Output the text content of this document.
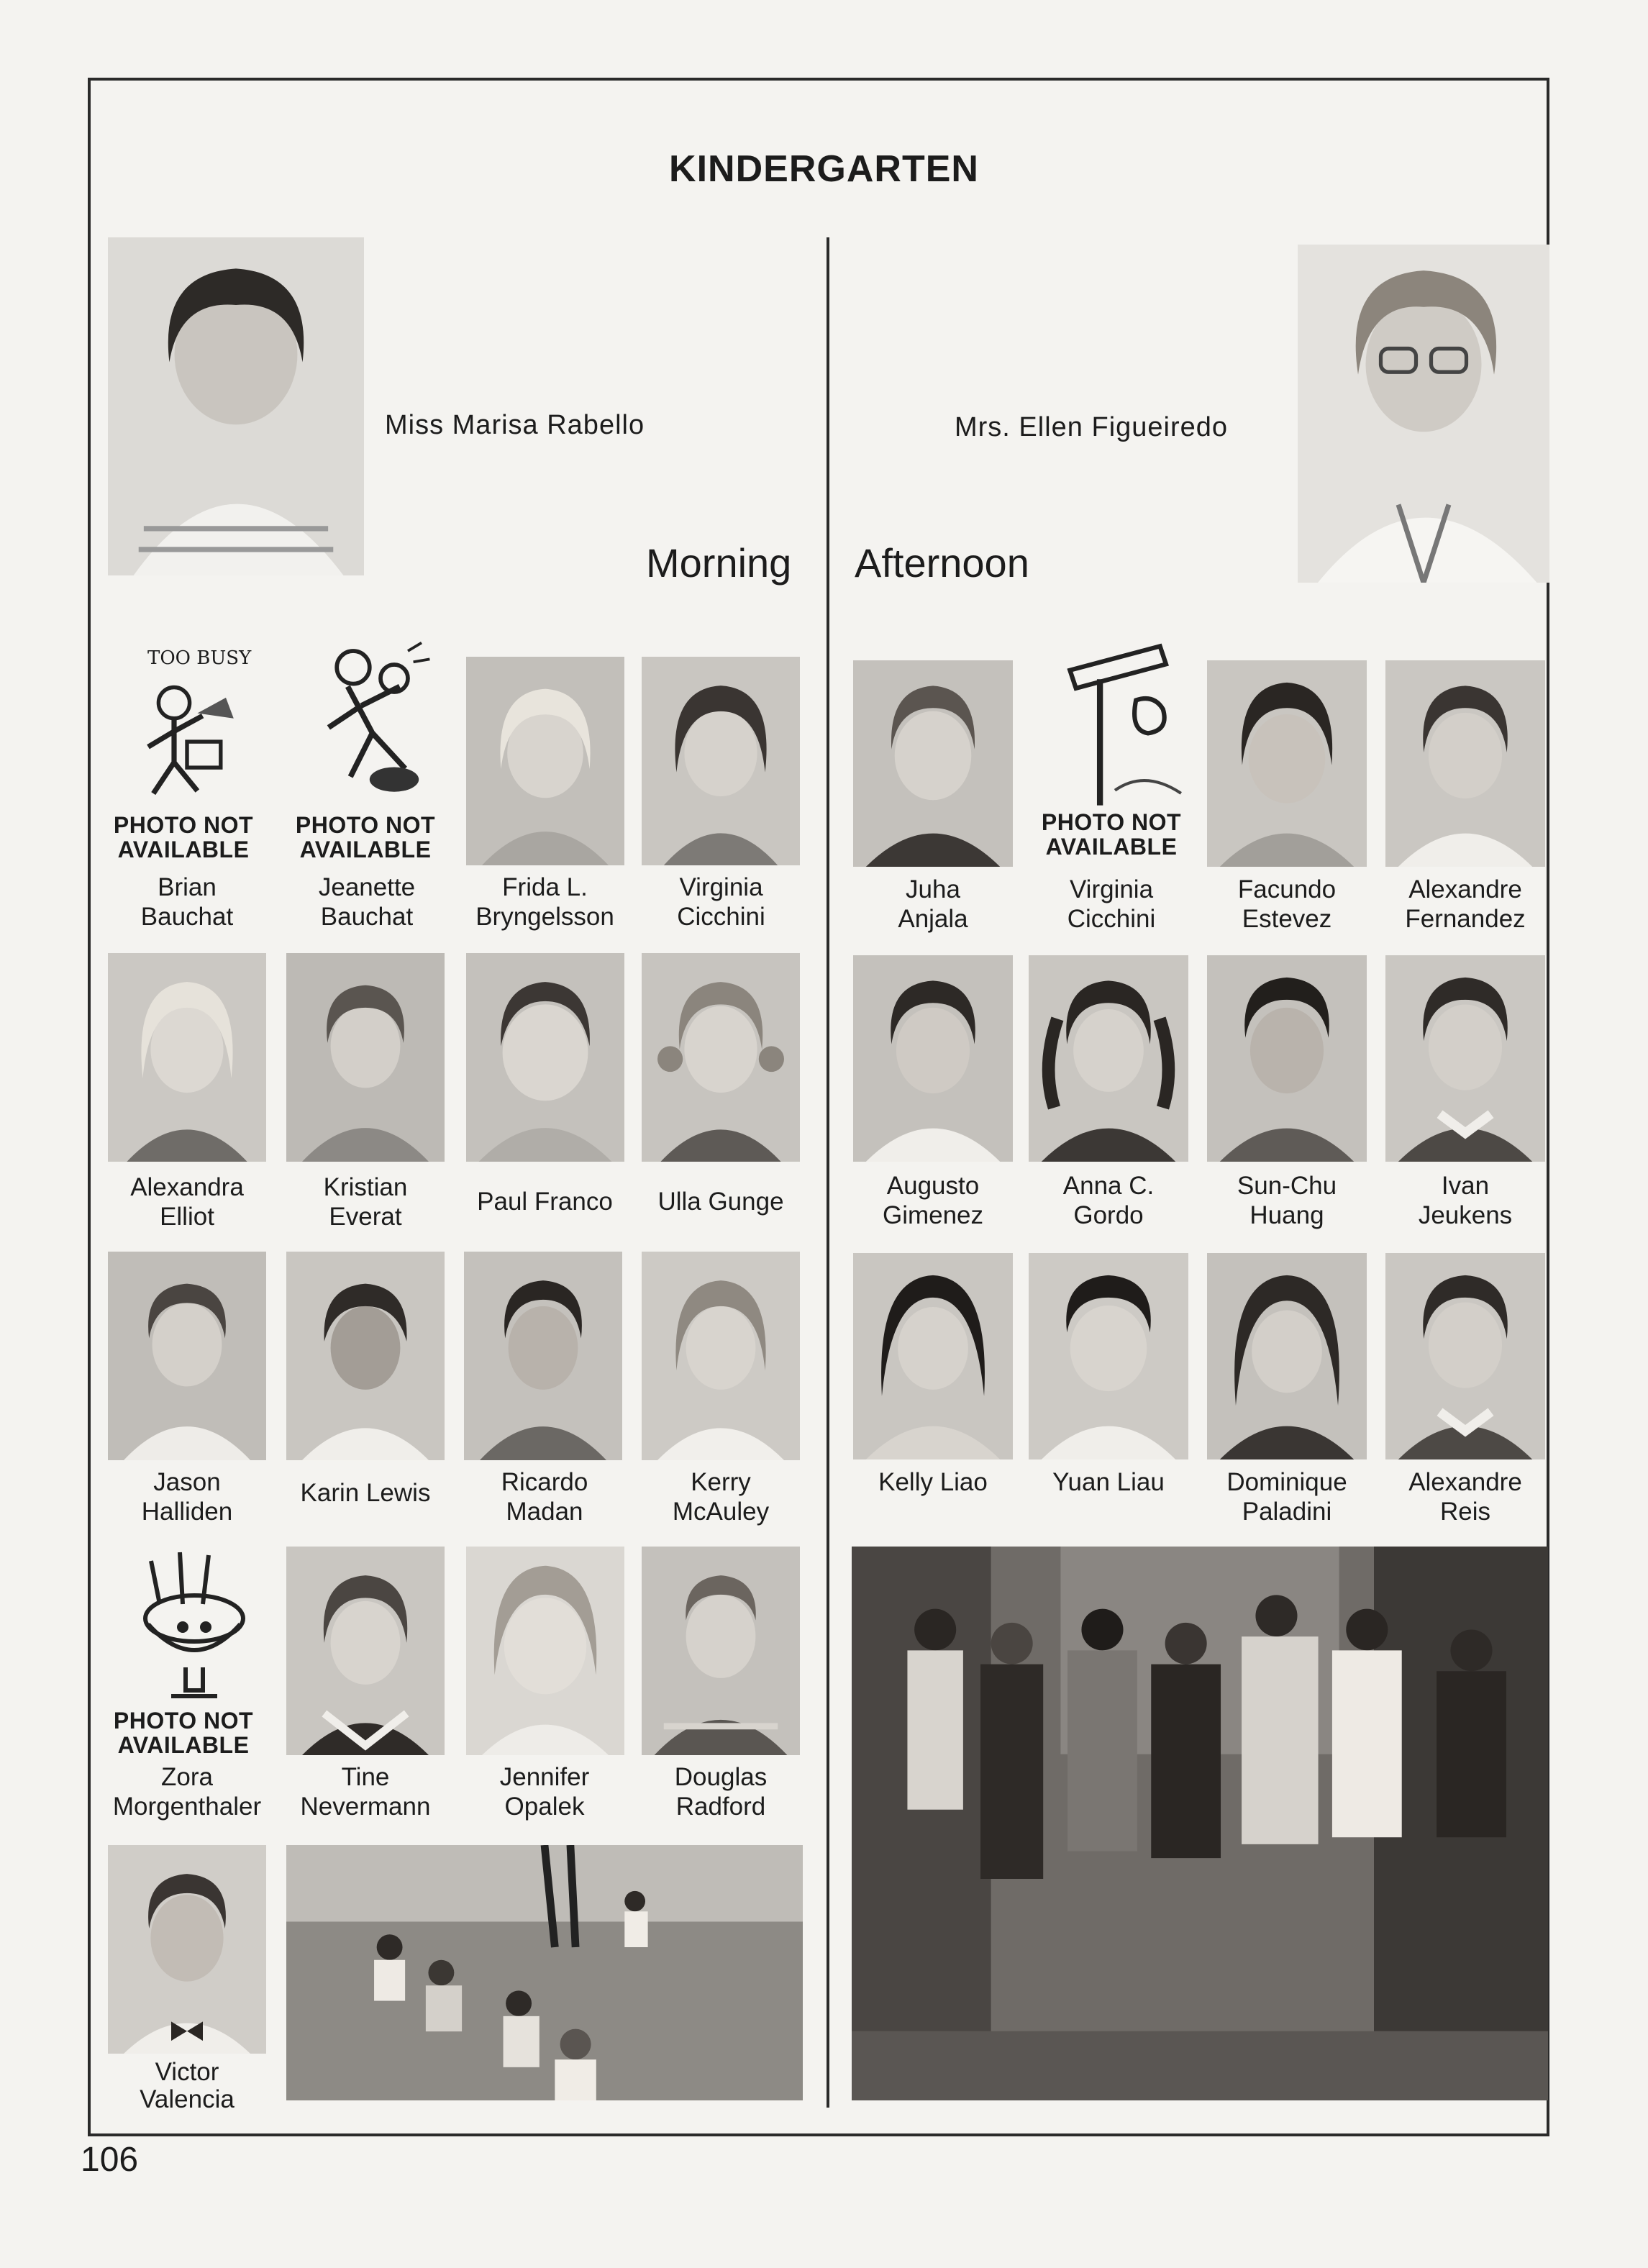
KINDERGARTEN
Miss Marisa Rabello	Mrs. Ellen Figueiredo
Morning Afternoon
TOO BUSY
PHOTO NOT
AVAILABLE
Brian
Bauchat
PHOTO NOT
AVAILABLE
Jeanette
Bauchat
Frida L.
Bryngelsson
Virginia
Cicchini
Alexandra
Elliot
Kristian
Everat
Paul Franco	Ulla Gunge
Jason
Halliden
Karin Lewis	Ricardo
Madan
Kerry
McAuley
PHOTO NOT
AVAILABLE
Zora
Morgenthaler
Tine
Nevermann
Jennifer
Opalek
Douglas
Radford
Victor
Valencia
Juha
Anjala
PHOTO NOT
AVAILABLE
Virginia
Cicchini
Facundo
Estevez
Alexandre
Fernandez
Augusto
Gimenez
Anna C.
Gordo
Sun-Chu
Huang
Ivan
Jeukens
Kelly Liao	Yuan Liau	Dominique
Paladini
Alexandre
Reis
106
